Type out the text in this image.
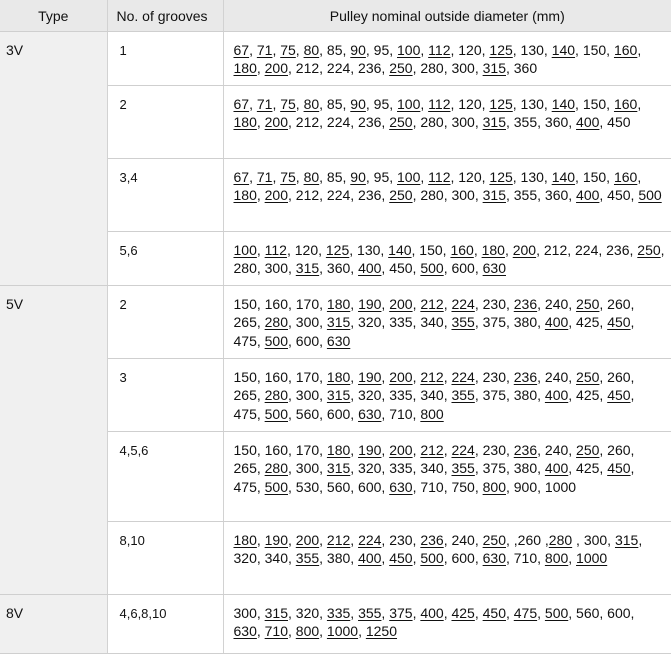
Type	No. of grooves	Pulley nominal outside diameter (mm)
3V	1	67, 71, 75, 80, 85, 90, 95, 100, 112, 120, 125, 130, 140, 150, 160, 180, 200, 212, 224, 236, 250, 280, 300, 315, 360
	2	67, 71, 75, 80, 85, 90, 95, 100, 112, 120, 125, 130, 140, 150, 160, 180, 200, 212, 224, 236, 250, 280, 300, 315, 355, 360, 400, 450
	3,4	67, 71, 75, 80, 85, 90, 95, 100, 112, 120, 125, 130, 140, 150, 160, 180, 200, 212, 224, 236, 250, 280, 300, 315, 355, 360, 400, 450, 500
	5,6	100, 112, 120, 125, 130, 140, 150, 160, 180, 200, 212, 224, 236, 250, 280, 300, 315, 360, 400, 450, 500, 600, 630
5V	2	150, 160, 170, 180, 190, 200, 212, 224, 230, 236, 240, 250, 260, 265, 280, 300, 315, 320, 335, 340, 355, 375, 380, 400, 425, 450, 475, 500, 600, 630
	3	150, 160, 170, 180, 190, 200, 212, 224, 230, 236, 240, 250, 260, 265, 280, 300, 315, 320, 335, 340, 355, 375, 380, 400, 425, 450, 475, 500, 560, 600, 630, 710, 800
	4,5,6	150, 160, 170, 180, 190, 200, 212, 224, 230, 236, 240, 250, 260, 265, 280, 300, 315, 320, 335, 340, 355, 375, 380, 400, 425, 450, 475, 500, 530, 560, 600, 630, 710, 750, 800, 900, 1000
	8,10	180, 190, 200, 212, 224, 230, 236, 240, 250, ,260 ,280 , 300, 315, 320, 340, 355, 380, 400, 450, 500, 600, 630, 710, 800, 1000
8V	4,6,8,10	300, 315, 320, 335, 355, 375, 400, 425, 450, 475, 500, 560, 600, 630, 710, 800, 1000, 1250
